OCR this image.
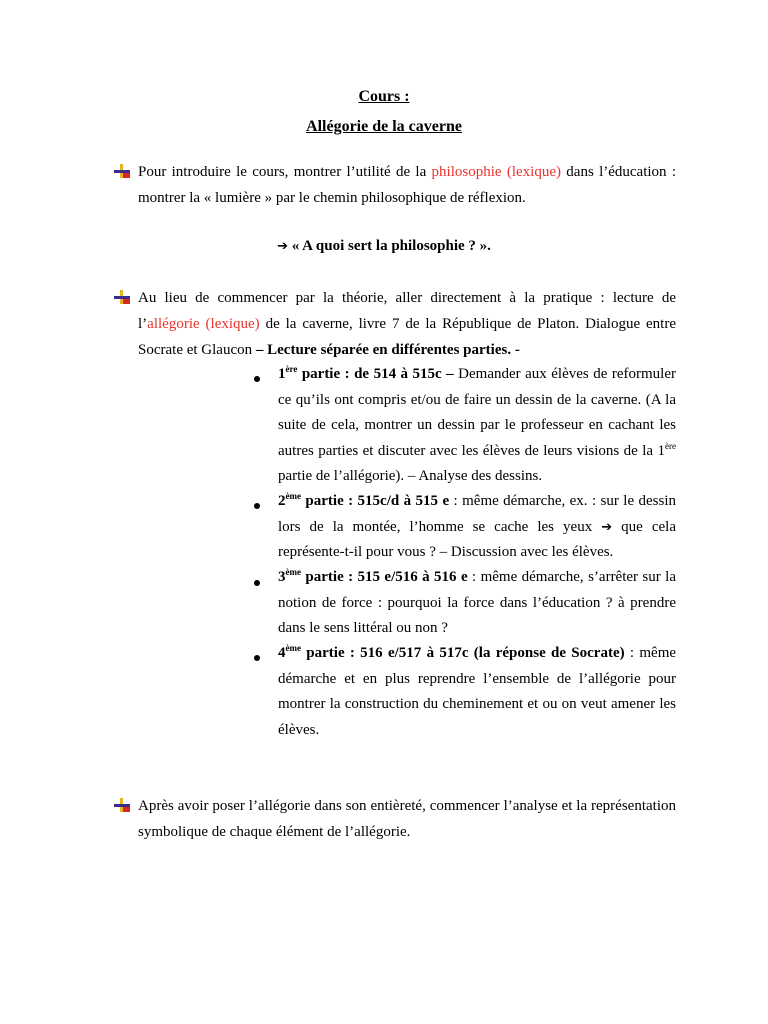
Cours :
Allégorie de la caverne
Pour introduire le cours, montrer l’utilité de la philosophie (lexique) dans l’éducation : montrer la « lumière » par le chemin philosophique de réflexion.
➔ « A quoi sert la philosophie ? ».
Au lieu de commencer par la théorie, aller directement à la pratique : lecture de l’allégorie (lexique) de la caverne, livre 7 de la République de Platon. Dialogue entre Socrate et Glaucon – Lecture séparée en différentes parties. -
1ère partie : de 514 à 515c – Demander aux élèves de reformuler ce qu’ils ont compris et/ou de faire un dessin de la caverne. (A la suite de cela, montrer un dessin par le professeur en cachant les autres parties et discuter avec les élèves de leurs visions de la 1ère partie de l’allégorie). – Analyse des dessins.
2ème partie : 515c/d à 515 e : même démarche, ex. : sur le dessin lors de la montée, l’homme se cache les yeux ➔ que cela représente-t-il pour vous ? – Discussion avec les élèves.
3ème partie : 515 e/516 à 516 e : même démarche, s’arrêter sur la notion de force : pourquoi la force dans l’éducation ? à prendre dans le sens littéral ou non ?
4ème partie : 516 e/517 à 517c (la réponse de Socrate) : même démarche et en plus reprendre l’ensemble de l’allégorie pour montrer la construction du cheminement et ou on veut amener les élèves.
Après avoir poser l’allégorie dans son entièreté, commencer l’analyse et la représentation symbolique de chaque élément de l’allégorie.
